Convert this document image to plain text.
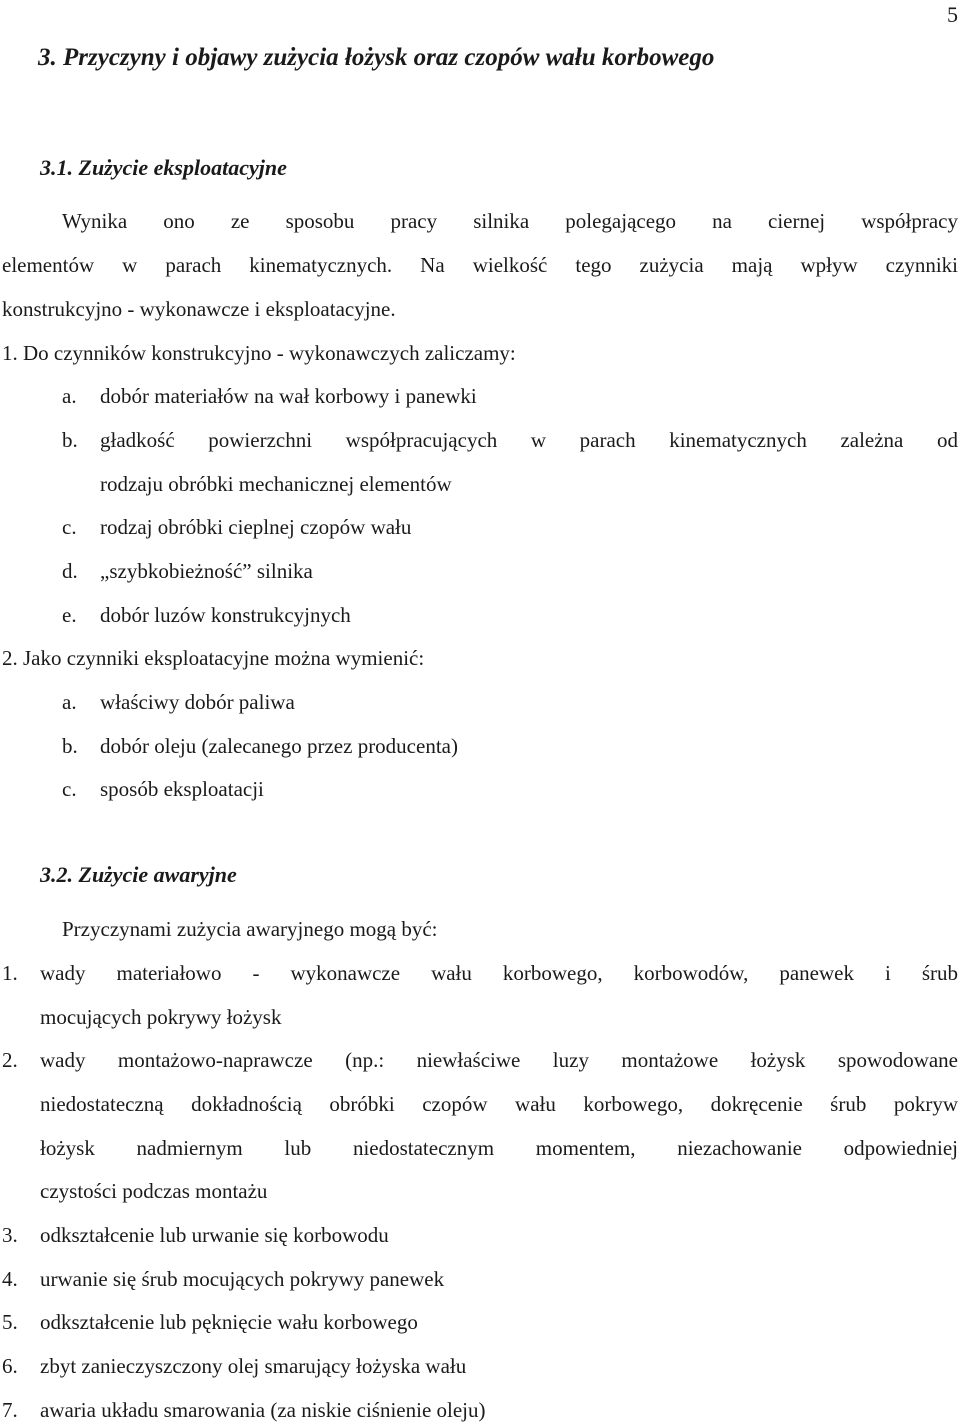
5
3. Przyczyny i objawy zużycia łożysk oraz czopów wału korbowego
3.1. Zużycie eksploatacyjne
Wynika ono ze sposobu pracy silnika polegającego na ciernej współpracy
elementów w parach kinematycznych. Na wielkość tego zużycia mają wpływ czynniki
konstrukcyjno - wykonawcze i eksploatacyjne.
1. Do czynników konstrukcyjno - wykonawczych zaliczamy:
a. dobór materiałów na wał korbowy i panewki
b. gładkość powierzchni współpracujących w parach kinematycznych zależna od
rodzaju obróbki mechanicznej elementów
c. rodzaj obróbki cieplnej czopów wału
d. „szybkobieżność” silnika
e. dobór luzów konstrukcyjnych
2. Jako czynniki eksploatacyjne można wymienić:
a. właściwy dobór paliwa
b. dobór oleju (zalecanego przez producenta)
c. sposób eksploatacji
3.2. Zużycie awaryjne
Przyczynami zużycia awaryjnego mogą być:
1. wady materiałowo - wykonawcze wału korbowego, korbowodów, panewek i śrub
mocujących pokrywy łożysk
2. wady montażowo-naprawcze (np.: niewłaściwe luzy montażowe łożysk spowodowane
niedostateczną dokładnością obróbki czopów wału korbowego, dokręcenie śrub pokryw
łożysk nadmiernym lub niedostatecznym momentem, niezachowanie odpowiedniej
czystości podczas montażu
3. odkształcenie lub urwanie się korbowodu
4. urwanie się śrub mocujących pokrywy panewek
5. odkształcenie lub pęknięcie wału korbowego
6. zbyt zanieczyszczony olej smarujący łożyska wału
7. awaria układu smarowania (za niskie ciśnienie oleju)
